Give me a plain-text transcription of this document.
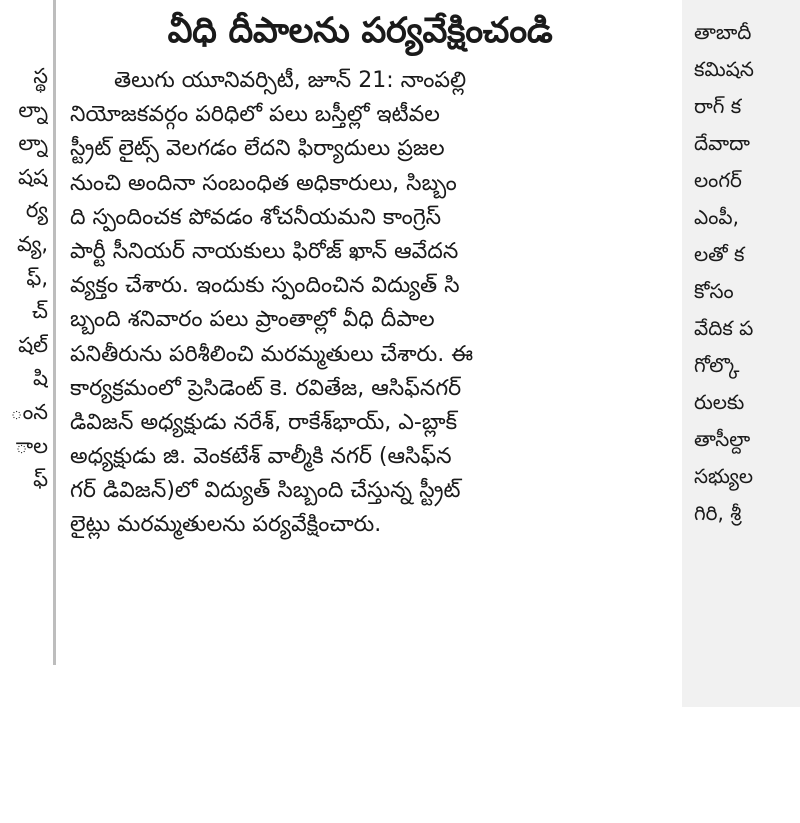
స్థ
ల్నా
ల్నా
షష
ర్య
వ్య,
ఫ్,
చ్
షల్
షి
ంన
ాల
ఫ్
వీధి దీపాలను పర్యవేక్షించండి
తెలుగు యూనివర్సిటీ, జూన్ 21: నాంపల్లి
నియోజకవర్గం పరిధిలో పలు బస్తీల్లో ఇటీవల
స్ట్రీట్ లైట్స్ వెలగడం లేదని ఫిర్యాదులు ప్రజల
నుంచి అందినా సంబంధిత అధికారులు, సిబ్బం
ది స్పందించక పోవడం శోచనీయమని కాంగ్రెస్
పార్టీ సీనియర్ నాయకులు ఫిరోజ్ ఖాన్ ఆవేదన
వ్యక్తం చేశారు. ఇందుకు స్పందించిన విద్యుత్ సి
బ్బంది శనివారం పలు ప్రాంతాల్లో వీధి దీపాల
పనితీరును పరిశీలించి మరమ్మతులు చేశారు. ఈ
కార్యక్రమంలో ప్రెసిడెంట్ కె. రవితేజ, ఆసిఫ్‌నగర్
డివిజన్ అధ్యక్షుడు నరేశ్, రాకేశ్‌భాయ్, ఎ-బ్లాక్
అధ్యక్షుడు జి. వెంకటేశ్ వాల్మీకి నగర్ (ఆసిఫ్‌న
గర్ డివిజన్)లో విద్యుత్ సిబ్బంది చేస్తున్న స్ట్రీట్
లైట్లు మరమ్మతులను పర్యవేక్షించారు.
తాబాదీ
కమిషన
రాగ్ క
దేవాదా
లంగర్
ఎంపీ,
లతో క
కోసం
వేదిక ప
గోల్కొ
రులకు
తాసీల్దా
సభ్యుల
గిరి, శ్రీ
